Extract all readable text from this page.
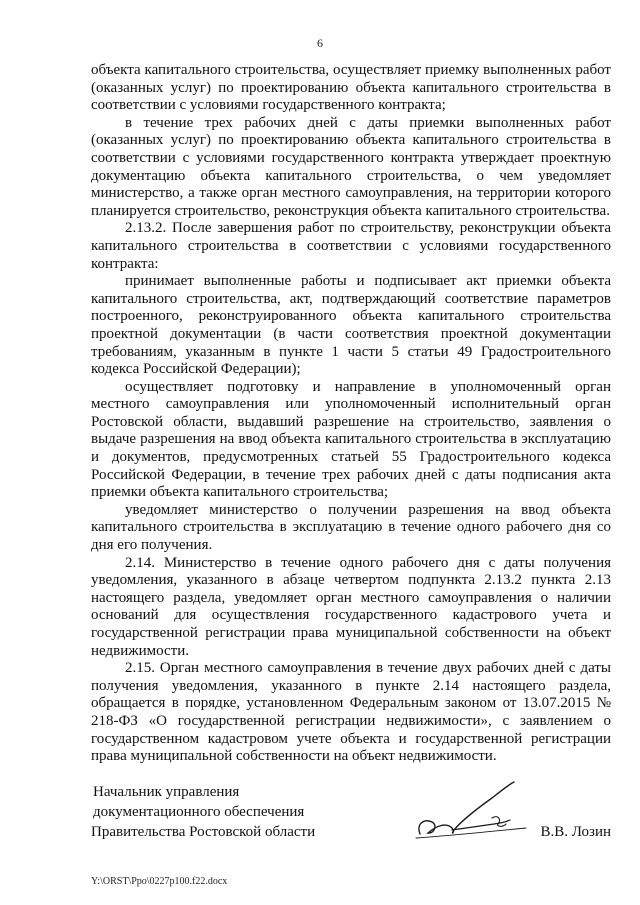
6

объекта капитального строительства, осуществляет приемку выполненных работ (оказанных услуг) по проектированию объекта капитального строительства в соответствии с условиями государственного контракта;

в течение трех рабочих дней с даты приемки выполненных работ (оказанных услуг) по проектированию объекта капитального строительства в соответствии с условиями государственного контракта утверждает проектную документацию объекта капитального строительства, о чем уведомляет министерство, а также орган местного самоуправления, на территории которого планируется строительство, реконструкция объекта капитального строительства.

2.13.2. После завершения работ по строительству, реконструкции объекта капитального строительства в соответствии с условиями государственного контракта:

принимает выполненные работы и подписывает акт приемки объекта капитального строительства, акт, подтверждающий соответствие параметров построенного, реконструированного объекта капитального строительства проектной документации (в части соответствия проектной документации требованиям, указанным в пункте 1 части 5 статьи 49 Градостроительного кодекса Российской Федерации);

осуществляет подготовку и направление в уполномоченный орган местного самоуправления или уполномоченный исполнительный орган Ростовской области, выдавший разрешение на строительство, заявления о выдаче разрешения на ввод объекта капитального строительства в эксплуатацию и документов, предусмотренных статьей 55 Градостроительного кодекса Российской Федерации, в течение трех рабочих дней с даты подписания акта приемки объекта капитального строительства;

уведомляет министерство о получении разрешения на ввод объекта капитального строительства в эксплуатацию в течение одного рабочего дня со дня его получения.

2.14. Министерство в течение одного рабочего дня с даты получения уведомления, указанного в абзаце четвертом подпункта 2.13.2 пункта 2.13 настоящего раздела, уведомляет орган местного самоуправления о наличии оснований для осуществления государственного кадастрового учета и государственной регистрации права муниципальной собственности на объект недвижимости.

2.15. Орган местного самоуправления в течение двух рабочих дней с даты получения уведомления, указанного в пункте 2.14 настоящего раздела, обращается в порядке, установленном Федеральным законом от 13.07.2015 № 218-ФЗ «О государственной регистрации недвижимости», с заявлением о государственном кадастровом учете объекта и государственной регистрации права муниципальной собственности на объект недвижимости.

Начальник управления
документационного обеспечения
Правительства Ростовской области	В.В. Лозин
Y:\ORST\Ppo\0227p100.f22.docx
